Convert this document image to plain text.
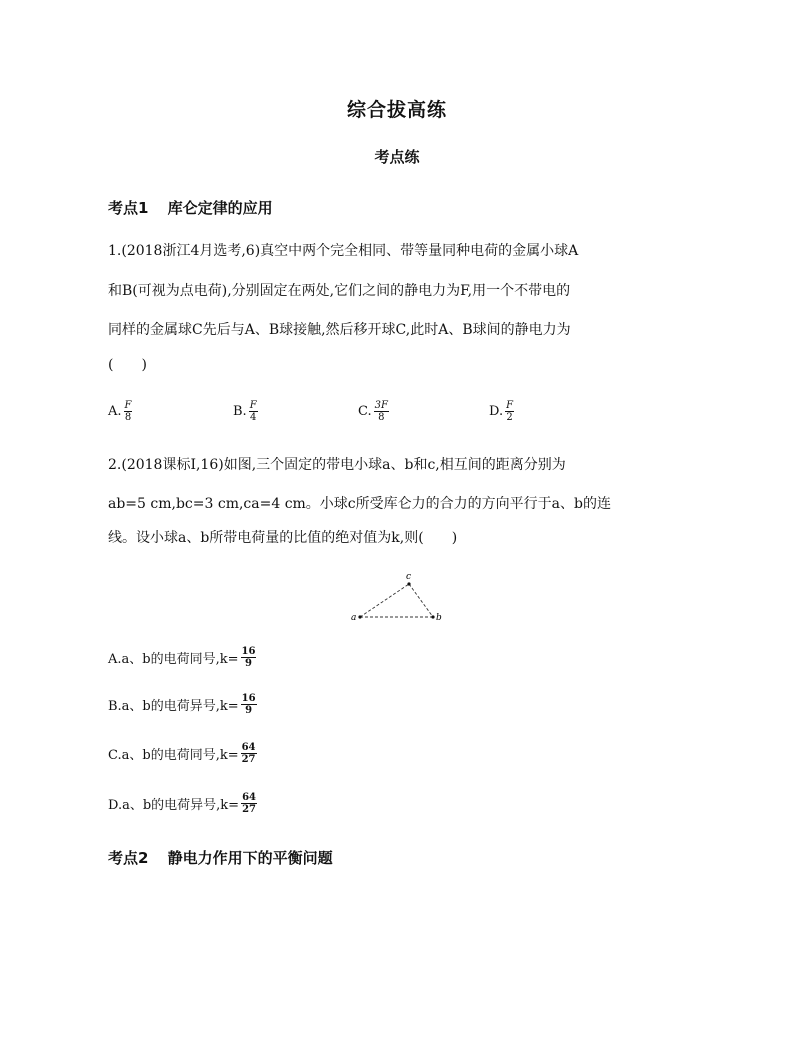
综合拔高练
考点练
考点1 库仑定律的应用
1.(2018浙江4月选考,6)真空中两个完全相同、带等量同种电荷的金属小球A
和B(可视为点电荷),分别固定在两处,它们之间的静电力为F,用一个不带电的
同样的金属球C先后与A、B球接触,然后移开球C,此时A、B球间的静电力为
(　　)
A. $\frac{F}{8}$	B. $\frac{F}{4}$	C. $\frac{3F}{8}$	D. $\frac{F}{2}$
2.(2018课标Ⅰ,16)如图,三个固定的带电小球a、b和c,相互间的距离分别为
ab=5 cm,bc=3 cm,ca=4 cm。小球c所受库仑力的合力的方向平行于a、b的连
线。设小球a、b所带电荷量的比值的绝对值为k,则(　　)
a	b
c
A.a、b的电荷同号$,k= \frac{16}{9}$
B.a、b的电荷异号$,k= \frac{16}{9}$
C.a、b的电荷同号$,k= \frac{64}{27}$
D.a、b的电荷异号$,k= \frac{64}{27}$
考点2 静电力作用下的平衡问题
